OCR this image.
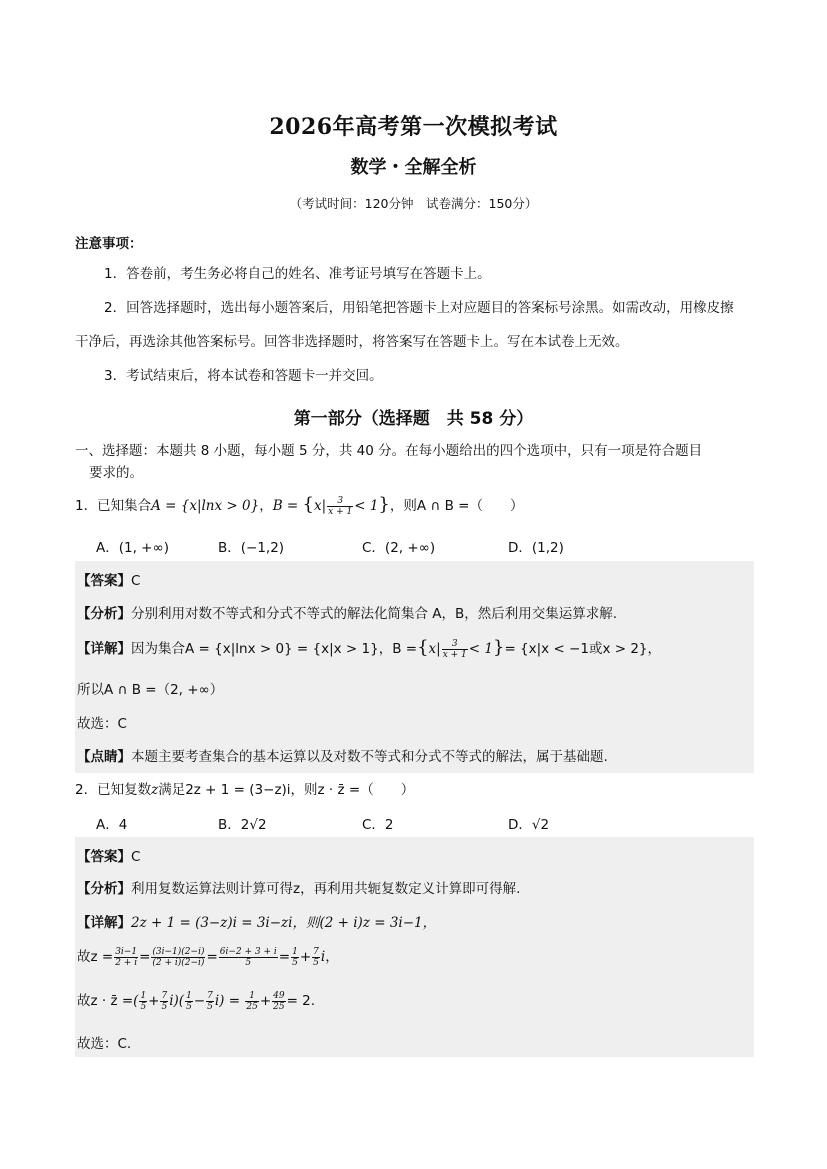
2026年高考第一次模拟考试
数学・全解全析
（考试时间：120分钟　试卷满分：150分）
注意事项：
1．答卷前，考生务必将自己的姓名、准考证号填写在答题卡上。
2．回答选择题时，选出每小题答案后，用铅笔把答题卡上对应题目的答案标号涂黑。如需改动，用橡皮擦干净后，再选涂其他答案标号。回答非选择题时，将答案写在答题卡上。写在本试卷上无效。
3．考试结束后，将本试卷和答题卡一并交回。
第一部分（选择题　共 58 分）
一、选择题：本题共 8 小题，每小题 5 分，共 40 分。在每小题给出的四个选项中，只有一项是符合题目
要求的。
1．已知集合A = {x|lnx > 0}，$B = \{x| \frac{3}{x + 1} < 1\}$，则A ∩ B =（　　）
A．(1, +∞)	B．(−1,2)	C．(2, +∞)	D．(1,2)
【答案】C
【分析】分别利用对数不等式和分式不等式的解法化简集合 A，B，然后利用交集运算求解.
【详解】因为集合A = {x|lnx > 0} = {x|x > 1}，$B =\{x| \frac{3}{x + 1} < 1\}= \{x|x < -1$或x > 2}，
所以A ∩ B =（2, +∞）
故选：C
【点睛】本题主要考查集合的基本运算以及对数不等式和分式不等式的解法，属于基础题.
2．已知复数z满足2z + 1 = (3−z)i，则z · z̄ =（　　）
A．4	B．2√2	C．2	D．√2
【答案】C
【分析】利用复数运算法则计算可得z，再利用共轭复数定义计算即可得解.
【详解】2z + 1 = (3−z)i = 3i−zi，则(2 + i)z = 3i−1，
故$z = \frac{3i-1}{2 + i} = \frac{(3i-1)(2-i)}{(2 + i)(2-i)} = \frac{6i-2 + 3 + i}{5} = \frac{1}{5} + \frac{7}{5}$ i，
故z · z̄ =( $\frac{1}{5} + \frac{7}{5} i)( \frac{1}{5} - \frac{7}{5} i) = \frac{1}{25} + \frac{49}{25} = 2$.
故选：C.
